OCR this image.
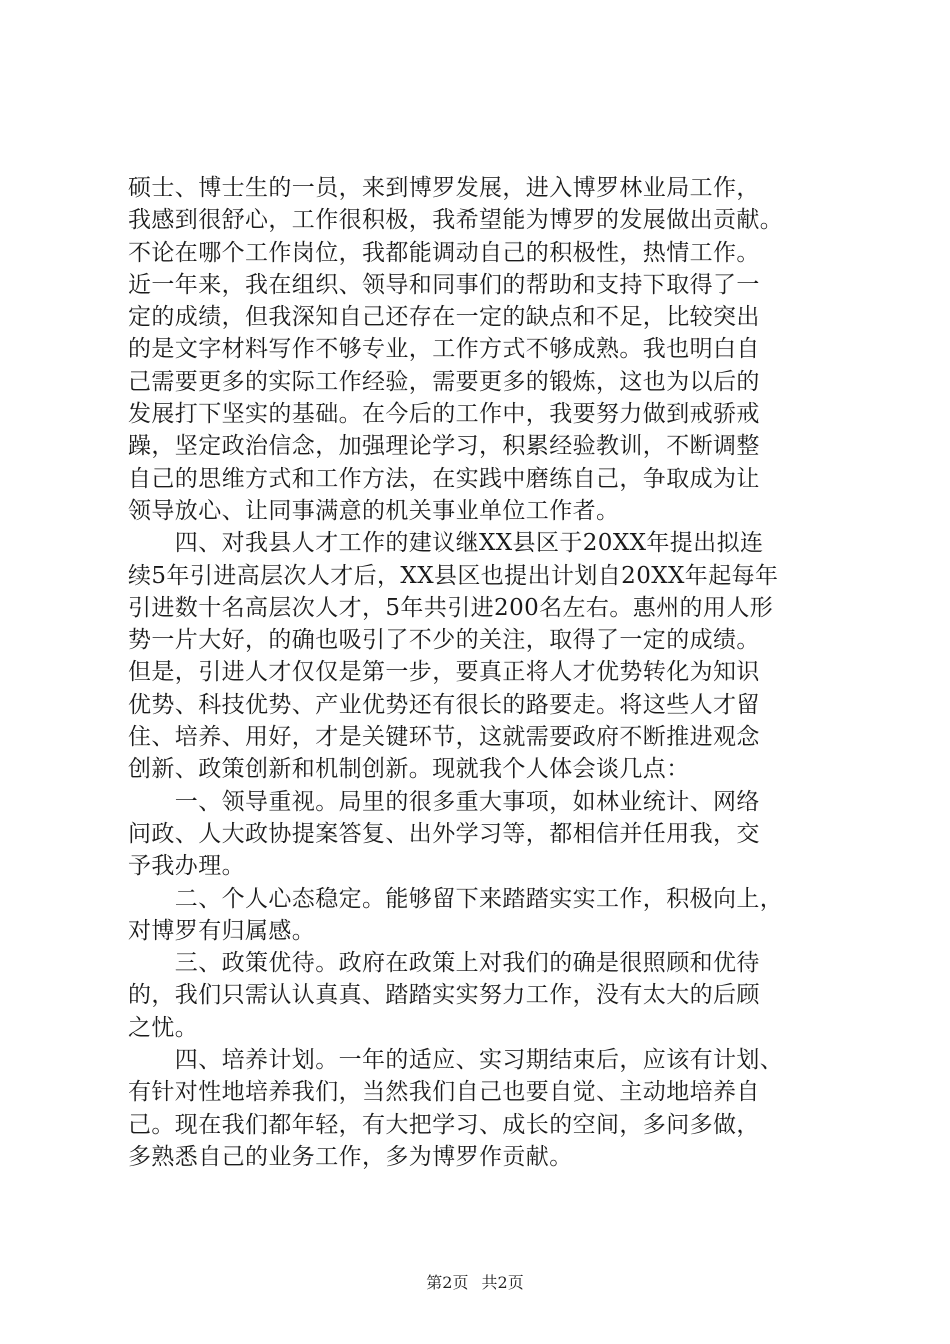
硕士、博士生的一员，来到博罗发展，进入博罗林业局工作，
我感到很舒心，工作很积极，我希望能为博罗的发展做出贡献。
不论在哪个工作岗位，我都能调动自己的积极性，热情工作。
近一年来，我在组织、领导和同事们的帮助和支持下取得了一
定的成绩，但我深知自己还存在一定的缺点和不足，比较突出
的是文字材料写作不够专业，工作方式不够成熟。我也明白自
己需要更多的实际工作经验，需要更多的锻炼，这也为以后的
发展打下坚实的基础。在今后的工作中，我要努力做到戒骄戒
躁，坚定政治信念，加强理论学习，积累经验教训，不断调整
自己的思维方式和工作方法，在实践中磨练自己，争取成为让
领导放心、让同事满意的机关事业单位工作者。
　　四、对我县人才工作的建议继XX县区于20XX年提出拟连
续5年引进高层次人才后，XX县区也提出计划自20XX年起每年
引进数十名高层次人才，5年共引进200名左右。惠州的用人形
势一片大好，的确也吸引了不少的关注，取得了一定的成绩。
但是，引进人才仅仅是第一步，要真正将人才优势转化为知识
优势、科技优势、产业优势还有很长的路要走。将这些人才留
住、培养、用好，才是关键环节，这就需要政府不断推进观念
创新、政策创新和机制创新。现就我个人体会谈几点：
　　一、领导重视。局里的很多重大事项，如林业统计、网络
问政、人大政协提案答复、出外学习等，都相信并任用我，交
予我办理。
　　二、个人心态稳定。能够留下来踏踏实实工作，积极向上，
对博罗有归属感。
　　三、政策优待。政府在政策上对我们的确是很照顾和优待
的，我们只需认认真真、踏踏实实努力工作，没有太大的后顾
之忧。
　　四、培养计划。一年的适应、实习期结束后，应该有计划、
有针对性地培养我们，当然我们自己也要自觉、主动地培养自
己。现在我们都年轻，有大把学习、成长的空间，多问多做，
多熟悉自己的业务工作，多为博罗作贡献。
第2页 共2页
